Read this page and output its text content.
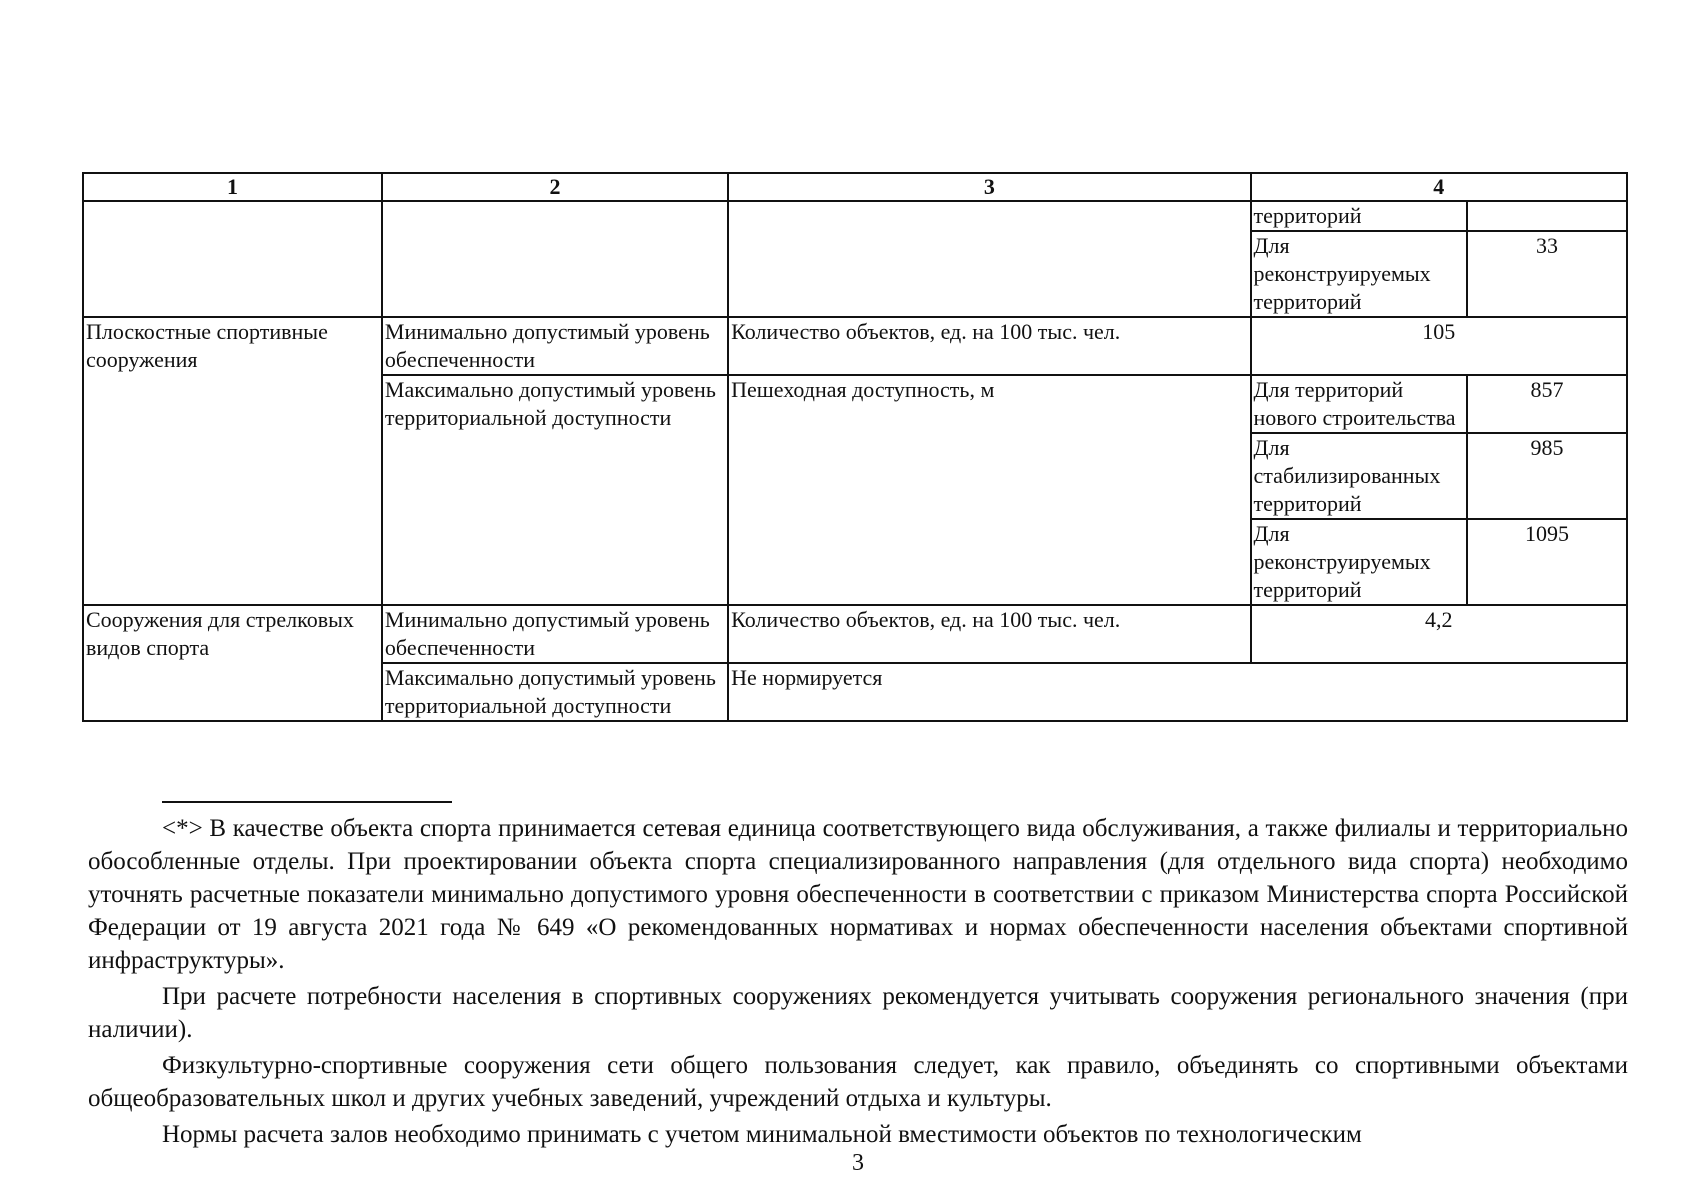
1	2	3	4	
			территорий	
			Для реконструируемых территорий	33
Плоскостные спортивные сооружения	Минимально допустимый уровень обеспеченности	Количество объектов, ед. на 100 тыс. чел.	105	
	Максимально допустимый уровень территориальной доступности	Пешеходная доступность, м	Для территорий нового строительства	857
			Для стабилизированных территорий	985
			Для реконструируемых территорий	1095
Сооружения для стрелковых видов спорта	Минимально допустимый уровень обеспеченности	Количество объектов, ед. на 100 тыс. чел.	4,2	
	Максимально допустимый уровень территориальной доступности	Не нормируется		

<*> В качестве объекта спорта принимается сетевая единица соответствующего вида обслуживания, а также филиалы и территориально обособленные отделы. При проектировании объекта спорта специализированного направления (для отдельного вида спорта) необходимо уточнять расчетные показатели минимально допустимого уровня обеспеченности в соответствии с приказом Министерства спорта Российской Федерации от 19 августа 2021 года № 649 «О рекомендованных нормативах и нормах обеспеченности населения объектами спортивной инфраструктуры».

При расчете потребности населения в спортивных сооружениях рекомендуется учитывать сооружения регионального значения (при наличии).

Физкультурно-спортивные сооружения сети общего пользования следует, как правило, объединять со спортивными объектами общеобразовательных школ и других учебных заведений, учреждений отдыха и культуры.

Нормы расчета залов необходимо принимать с учетом минимальной вместимости объектов по технологическим

3
